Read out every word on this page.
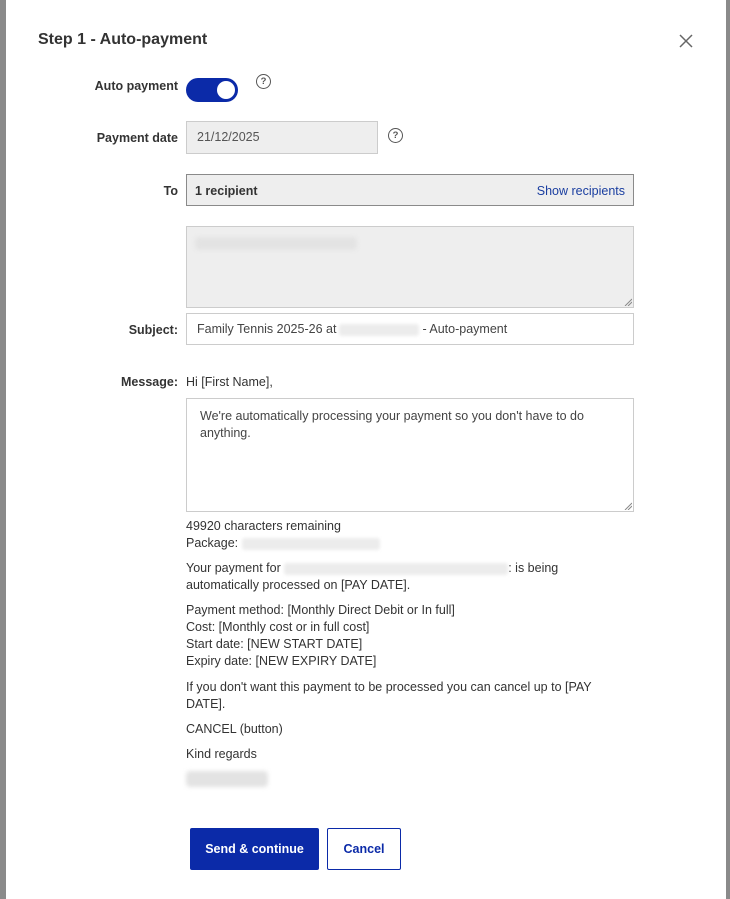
Step 1 - Auto-payment
Auto payment	?
Payment date	21/12/2025	?
To 1 recipient	Show recipients
Subject:	Family Tennis 2025-26 at	- Auto-payment
Message: Hi [First Name],
We're automatically processing your payment so you don't have to do anything.
49920 characters remaining
Package:
Your payment for	: is being automatically processed on [PAY DATE].
Payment method: [Monthly Direct Debit or In full]
Cost: [Monthly cost or in full cost]
Start date: [NEW START DATE]
Expiry date: [NEW EXPIRY DATE]
If you don't want this payment to be processed you can cancel up to [PAY DATE].
CANCEL (button)
Kind regards
Send & continue	Cancel
